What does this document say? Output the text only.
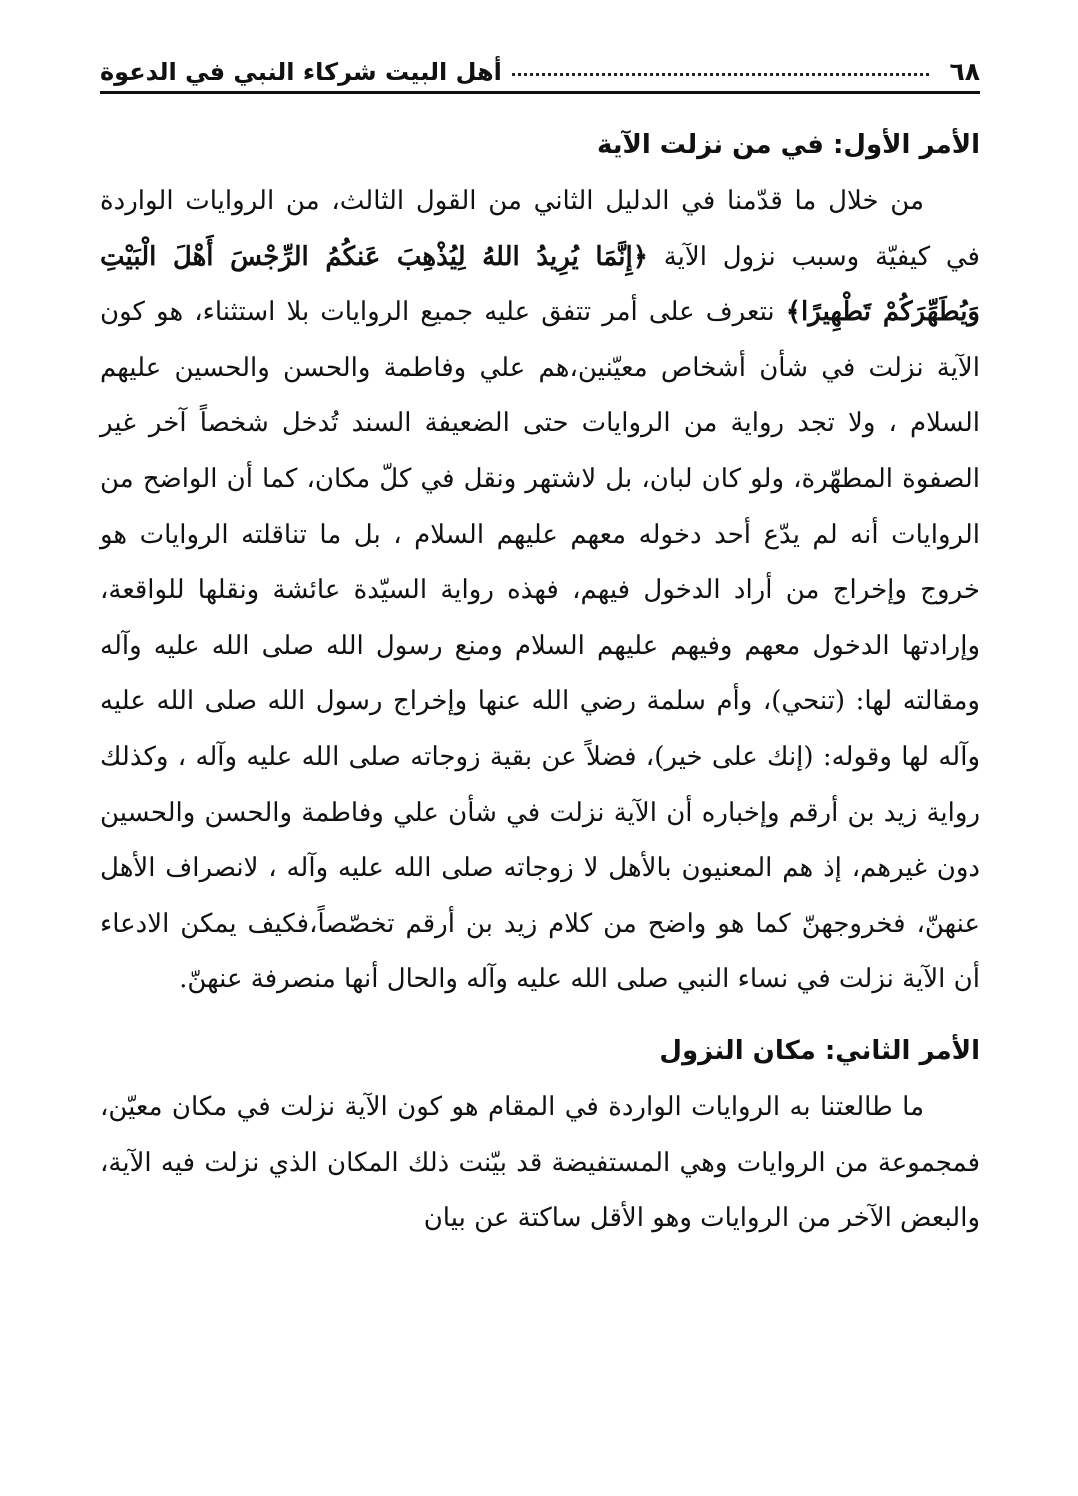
٦٨
أهل البيت شركاء النبي في الدعوة
الأمر الأول: في من نزلت الآية

من خلال ما قدّمنا في الدليل الثاني من القول الثالث، من الروايات الواردة في كيفيّة وسبب نزول الآية ﴿إِنَّمَا يُرِيدُ اللهُ لِيُذْهِبَ عَنكُمُ الرِّجْسَ أَهْلَ الْبَيْتِ وَيُطَهِّرَكُمْ تَطْهِيرًا﴾ نتعرف على أمر تتفق عليه جميع الروايات بلا استثناء، هو كون الآية نزلت في شأن أشخاص معيّنين،هم علي وفاطمة والحسن والحسين عليهم السلام ، ولا تجد رواية من الروايات حتى الضعيفة السند تُدخل شخصاً آخر غير الصفوة المطهّرة، ولو كان لبان، بل لاشتهر ونقل في كلّ مكان، كما أن الواضح من الروايات أنه لم يدّع أحد دخوله معهم عليهم السلام ، بل ما تناقلته الروايات هو خروج وإخراج من أراد الدخول فيهم، فهذه رواية السيّدة عائشة ونقلها للواقعة، وإرادتها الدخول معهم وفيهم عليهم السلام ومنع رسول الله صلى الله عليه وآله ومقالته لها: (تنحي)، وأم سلمة رضي الله عنها وإخراج رسول الله صلى الله عليه وآله لها وقوله: (إنك على خير)، فضلاً عن بقية زوجاته صلى الله عليه وآله ، وكذلك رواية زيد بن أرقم وإخباره أن الآية نزلت في شأن علي وفاطمة والحسن والحسين دون غيرهم، إذ هم المعنيون بالأهل لا زوجاته صلى الله عليه وآله ، لانصراف الأهل عنهنّ، فخروجهنّ كما هو واضح من كلام زيد بن أرقم تخصّصاً،فكيف يمكن الادعاء أن الآية نزلت في نساء النبي صلى الله عليه وآله والحال أنها منصرفة عنهنّ.

الأمر الثاني: مكان النزول

ما طالعتنا به الروايات الواردة في المقام هو كون الآية نزلت في مكان معيّن، فمجموعة من الروايات وهي المستفيضة قد بيّنت ذلك المكان الذي نزلت فيه الآية، والبعض الآخر من الروايات وهو الأقل ساكتة عن بيان
